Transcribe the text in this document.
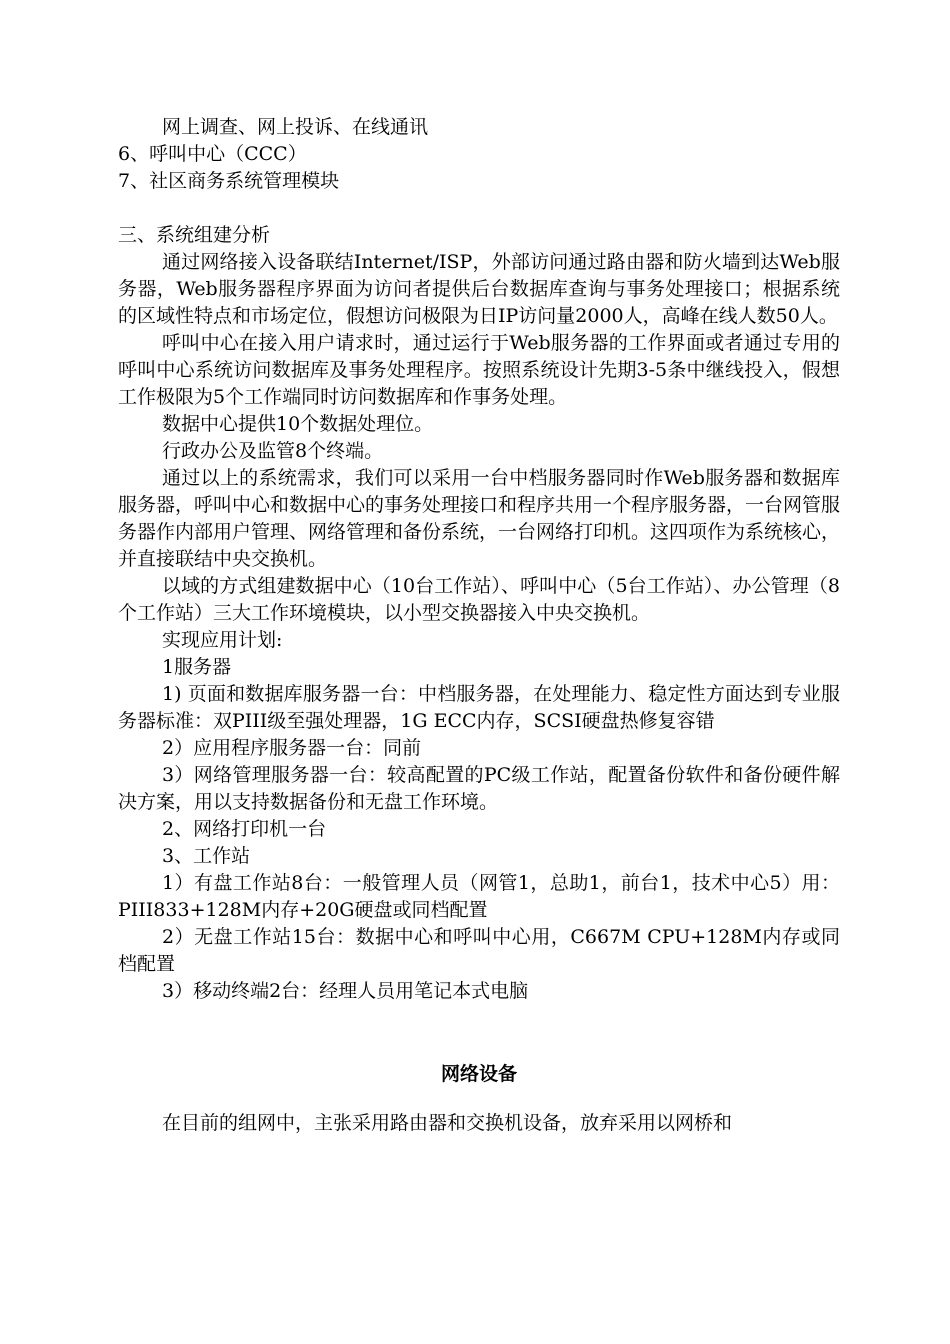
网上调查、网上投诉、在线通讯

6、呼叫中心（CCC）

7、社区商务系统管理模块

三、系统组建分析

通过网络接入设备联结Internet/ISP，外部访问通过路由器和防火墙到达Web服务器，Web服务器程序界面为访问者提供后台数据库查询与事务处理接口；根据系统的区域性特点和市场定位，假想访问极限为日IP访问量2000人，高峰在线人数50人。

呼叫中心在接入用户请求时，通过运行于Web服务器的工作界面或者通过专用的呼叫中心系统访问数据库及事务处理程序。按照系统设计先期3-5条中继线投入，假想工作极限为5个工作端同时访问数据库和作事务处理。

数据中心提供10个数据处理位。

行政办公及监管8个终端。

通过以上的系统需求，我们可以采用一台中档服务器同时作Web服务器和数据库服务器，呼叫中心和数据中心的事务处理接口和程序共用一个程序服务器，一台网管服务器作内部用户管理、网络管理和备份系统，一台网络打印机。这四项作为系统核心，并直接联结中央交换机。

以域的方式组建数据中心（10台工作站）、呼叫中心（5台工作站）、办公管理（8个工作站）三大工作环境模块，以小型交换器接入中央交换机。

实现应用计划:

1服务器

1) 页面和数据库服务器一台：中档服务器，在处理能力、稳定性方面达到专业服务器标准：双PIII级至强处理器，1G ECC内存，SCSI硬盘热修复容错

2）应用程序服务器一台：同前

3）网络管理服务器一台：较高配置的PC级工作站，配置备份软件和备份硬件解决方案，用以支持数据备份和无盘工作环境。

2、网络打印机一台

3、工作站

1）有盘工作站8台：一般管理人员（网管1，总助1，前台1，技术中心5）用：PIII833+128M内存+20G硬盘或同档配置

2）无盘工作站15台：数据中心和呼叫中心用，C667M CPU+128M内存或同档配置

3）移动终端2台：经理人员用笔记本式电脑

网络设备

在目前的组网中，主张采用路由器和交换机设备，放弃采用以网桥和
